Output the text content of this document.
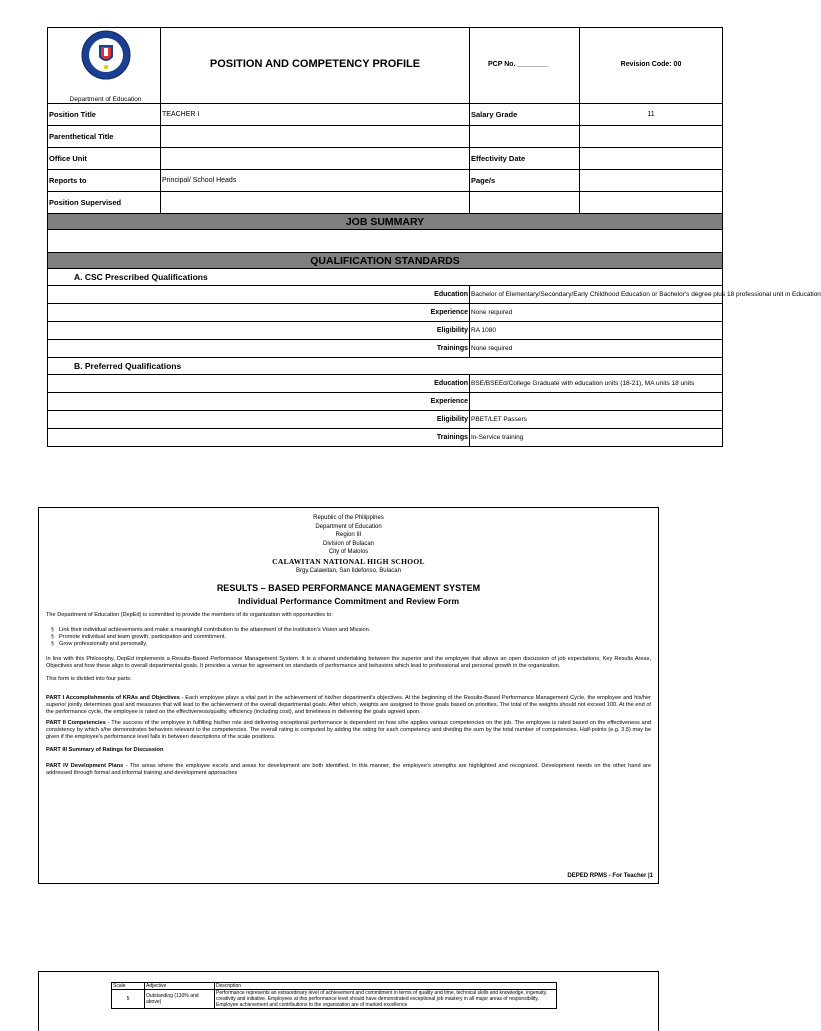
Department of Education	POSITION AND COMPETENCY PROFILE	PCP No. ________	Revision Code: 00
Position Title	TEACHER I	Salary Grade	11
Parenthetical Title			
Office Unit		Effectivity Date	
Reports to	Principal/ School Heads	Page/s	
Position Supervised			
JOB SUMMARY			

QUALIFICATION STANDARDS			
A. CSC Prescribed Qualifications			
Education		Bachelor of Elementary/Secondary/Early Childhood Education or Bachelor's degree plus 18 professional unit in Education	
Experience		None required	
Eligibility		RA 1080	
Trainings		None required	
B. Preferred Qualifications			
Education		BSE/BSEEd/College Graduate with education units (18-21), MA units 18 units	
Experience			
Eligibility		PBET/LET Passers	
Trainings		In-Service training	
Republic of the Philippines
Department of Education
Region III
Division of Bulacan
City of Malolos
CALAWITAN NATIONAL HIGH SCHOOL
Brgy.Calawitan, San Ildefonso, Bulacan
RESULTS – BASED PERFORMANCE MANAGEMENT SYSTEM
Individual Performance Commitment and Review Form
The Department of Education (DepEd) is committed to provide the members of its organization with opportunities to:
§ Link their individual achievements and make a meaningful contribution to the attainment of the institution's Vision and Mission.
§ Promote individual and team growth, participation and commitment.
§ Grow professionally and personally.
In line with this Philosophy, DepEd implements a Results-Based Performance Management System. It is a shared undertaking between the superior and the employee that allows an open discussion of job expectations, Key Results Areas, Objectives and how these align to overall departmental goals. It provides a venue for agreement on standards of performance and behaviors which lead to professional and personal growth in the organization.
This form is divided into four parts:
PART I Accomplishments of KRAs and Objectives - Each employee plays a vital part in the achievement of his/her department's objectives. At the beginning of the Results-Based Performance Management Cycle, the employee and his/her superior jointly determines goal and measures that will lead to the achievement of the overall departmental goals. After which, weights are assigned to those goals based on priorities. The total of the weights should not exceed 100. At the end of the performance cycle, the employee is rated on the effectiveness/quality, efficiency (including cost), and timeliness in delivering the goals agreed upon.
PART II Competencies - The success of the employee in fulfilling his/her role and delivering exceptional performance is dependent on how s/he applies various competencies on the job. The employee is rated based on the effectiveness and consistency by which s/he demonstrates behaviors relevant to the competencies. The overall rating is computed by adding the rating for each competency and dividing the sum by the total number of competencies. Half-points (e.g. 3.5) may be given if the employee's performance level falls in between descriptions of the scale positions.
PART III Summary of Ratings for Discussion
PART IV Development Plans - The areas where the employee excels and areas for development are both identified. In this manner, the employee's strengths are highlighted and recognized. Development needs on the other hand are addressed through formal and informal training and development approaches
DEPED RPMS - For Teacher |1
Scale	Adjective	Description
5	Outstanding (130% and above)	Performance represents an extraordinary level of achievement and commitment in terms of quality and time, technical skills and knowledge, ingenuity, creativity and initiative. Employees at this performance level should have demonstrated exceptional job mastery in all major areas of responsibility. Employee achievement and contributions to the organization are of marked excellence
